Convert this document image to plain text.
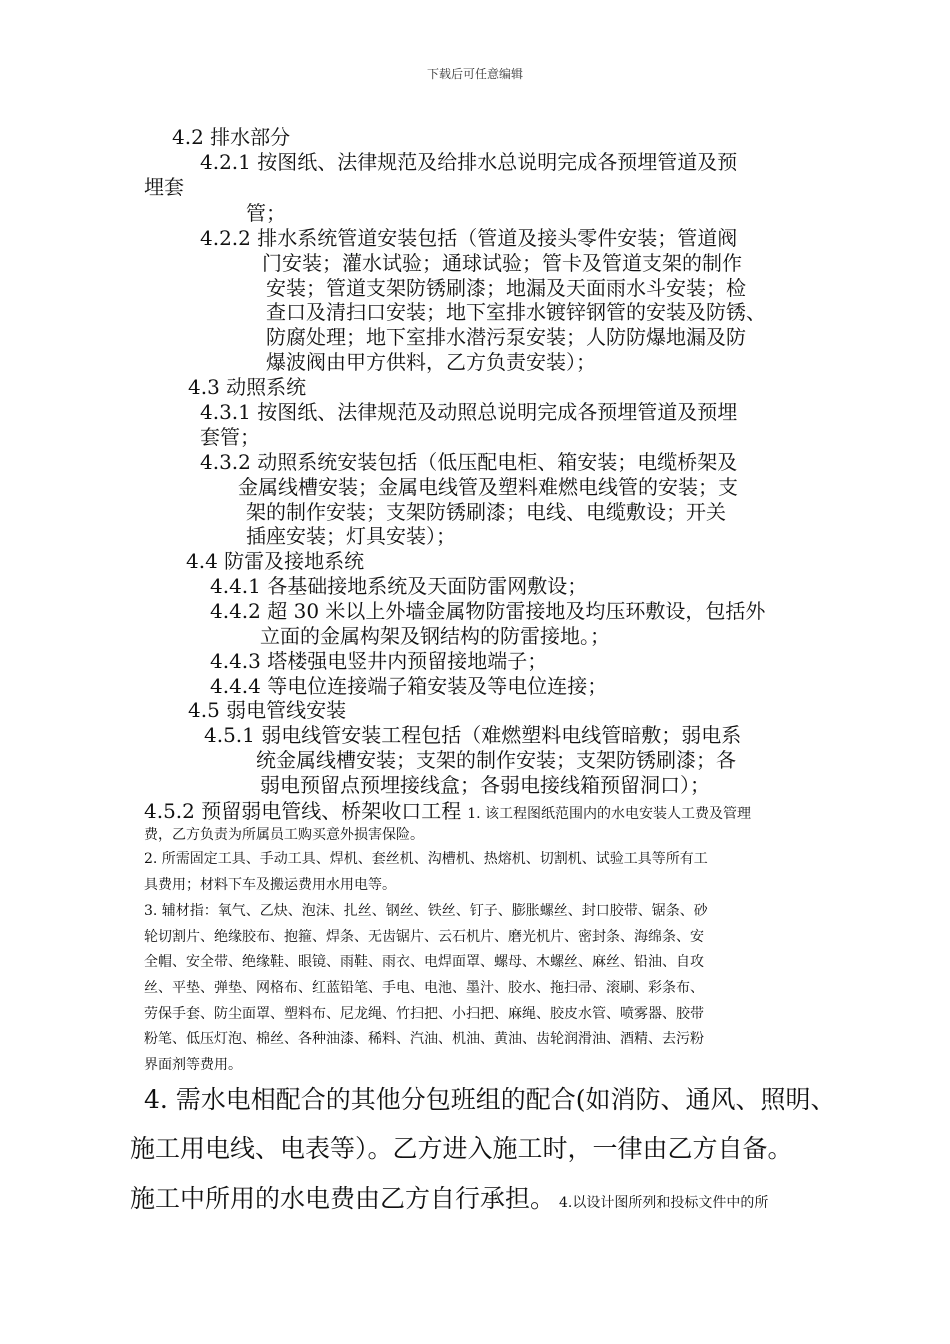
下载后可任意编辑
4.2 排水部分
4.2.1 按图纸、法律规范及给排水总说明完成各预埋管道及预
埋套
管；
4.2.2 排水系统管道安装包括（管道及接头零件安装；管道阀
门安装；灌水试验；通球试验；管卡及管道支架的制作
安装；管道支架防锈刷漆；地漏及天面雨水斗安装；检
查口及清扫口安装；地下室排水镀锌钢管的安装及防锈、
防腐处理；地下室排水潜污泵安装；人防防爆地漏及防
爆波阀由甲方供料，乙方负责安装）；
4.3 动照系统
4.3.1 按图纸、法律规范及动照总说明完成各预埋管道及预埋
套管；
4.3.2 动照系统安装包括（低压配电柜、箱安装；电缆桥架及
金属线槽安装；金属电线管及塑料难燃电线管的安装；支
架的制作安装；支架防锈刷漆；电线、电缆敷设；开关
插座安装；灯具安装）；
4.4 防雷及接地系统
4.4.1 各基础接地系统及天面防雷网敷设；
4.4.2 超 30 米以上外墙金属物防雷接地及均压环敷设，包括外
立面的金属构架及钢结构的防雷接地。；
4.4.3 塔楼强电竖井内预留接地端子；
4.4.4 等电位连接端子箱安装及等电位连接；
4.5 弱电管线安装
4.5.1 弱电线管安装工程包括（难燃塑料电线管暗敷；弱电系
统金属线槽安装；支架的制作安装；支架防锈刷漆；各
弱电预留点预埋接线盒；各弱电接线箱预留洞口）；
4.5.2 预留弱电管线、桥架收口工程 1. 该工程图纸范围内的水电安装人工费及管理
费，乙方负责为所属员工购买意外损害保险。
2. 所需固定工具、手动工具、焊机、套丝机、沟槽机、热熔机、切割机、试验工具等所有工
具费用；材料下车及搬运费用水用电等。
3. 辅材指：氧气、乙炔、泡沫、扎丝、钢丝、铁丝、钉子、膨胀螺丝、封口胶带、锯条、砂
轮切割片、绝缘胶布、抱箍、焊条、无齿锯片、云石机片、磨光机片、密封条、海绵条、安
全帽、安全带、绝缘鞋、眼镜、雨鞋、雨衣、电焊面罩、螺母、木螺丝、麻丝、铅油、自攻
丝、平垫、弹垫、网格布、红蓝铅笔、手电、电池、墨汁、胶水、拖扫帚、滚刷、彩条布、
劳保手套、防尘面罩、塑料布、尼龙绳、竹扫把、小扫把、麻绳、胶皮水管、喷雾器、胶带
粉笔、低压灯泡、棉丝、各种油漆、稀料、汽油、机油、黄油、齿轮润滑油、酒精、去污粉
界面剂等费用。
4. 需水电相配合的其他分包班组的配合(如消防、通风、照明、
施工用电线、电表等）。乙方进入施工时，一律由乙方自备。
施工中所用的水电费由乙方自行承担。 4.以设计图所列和投标文件中的所
